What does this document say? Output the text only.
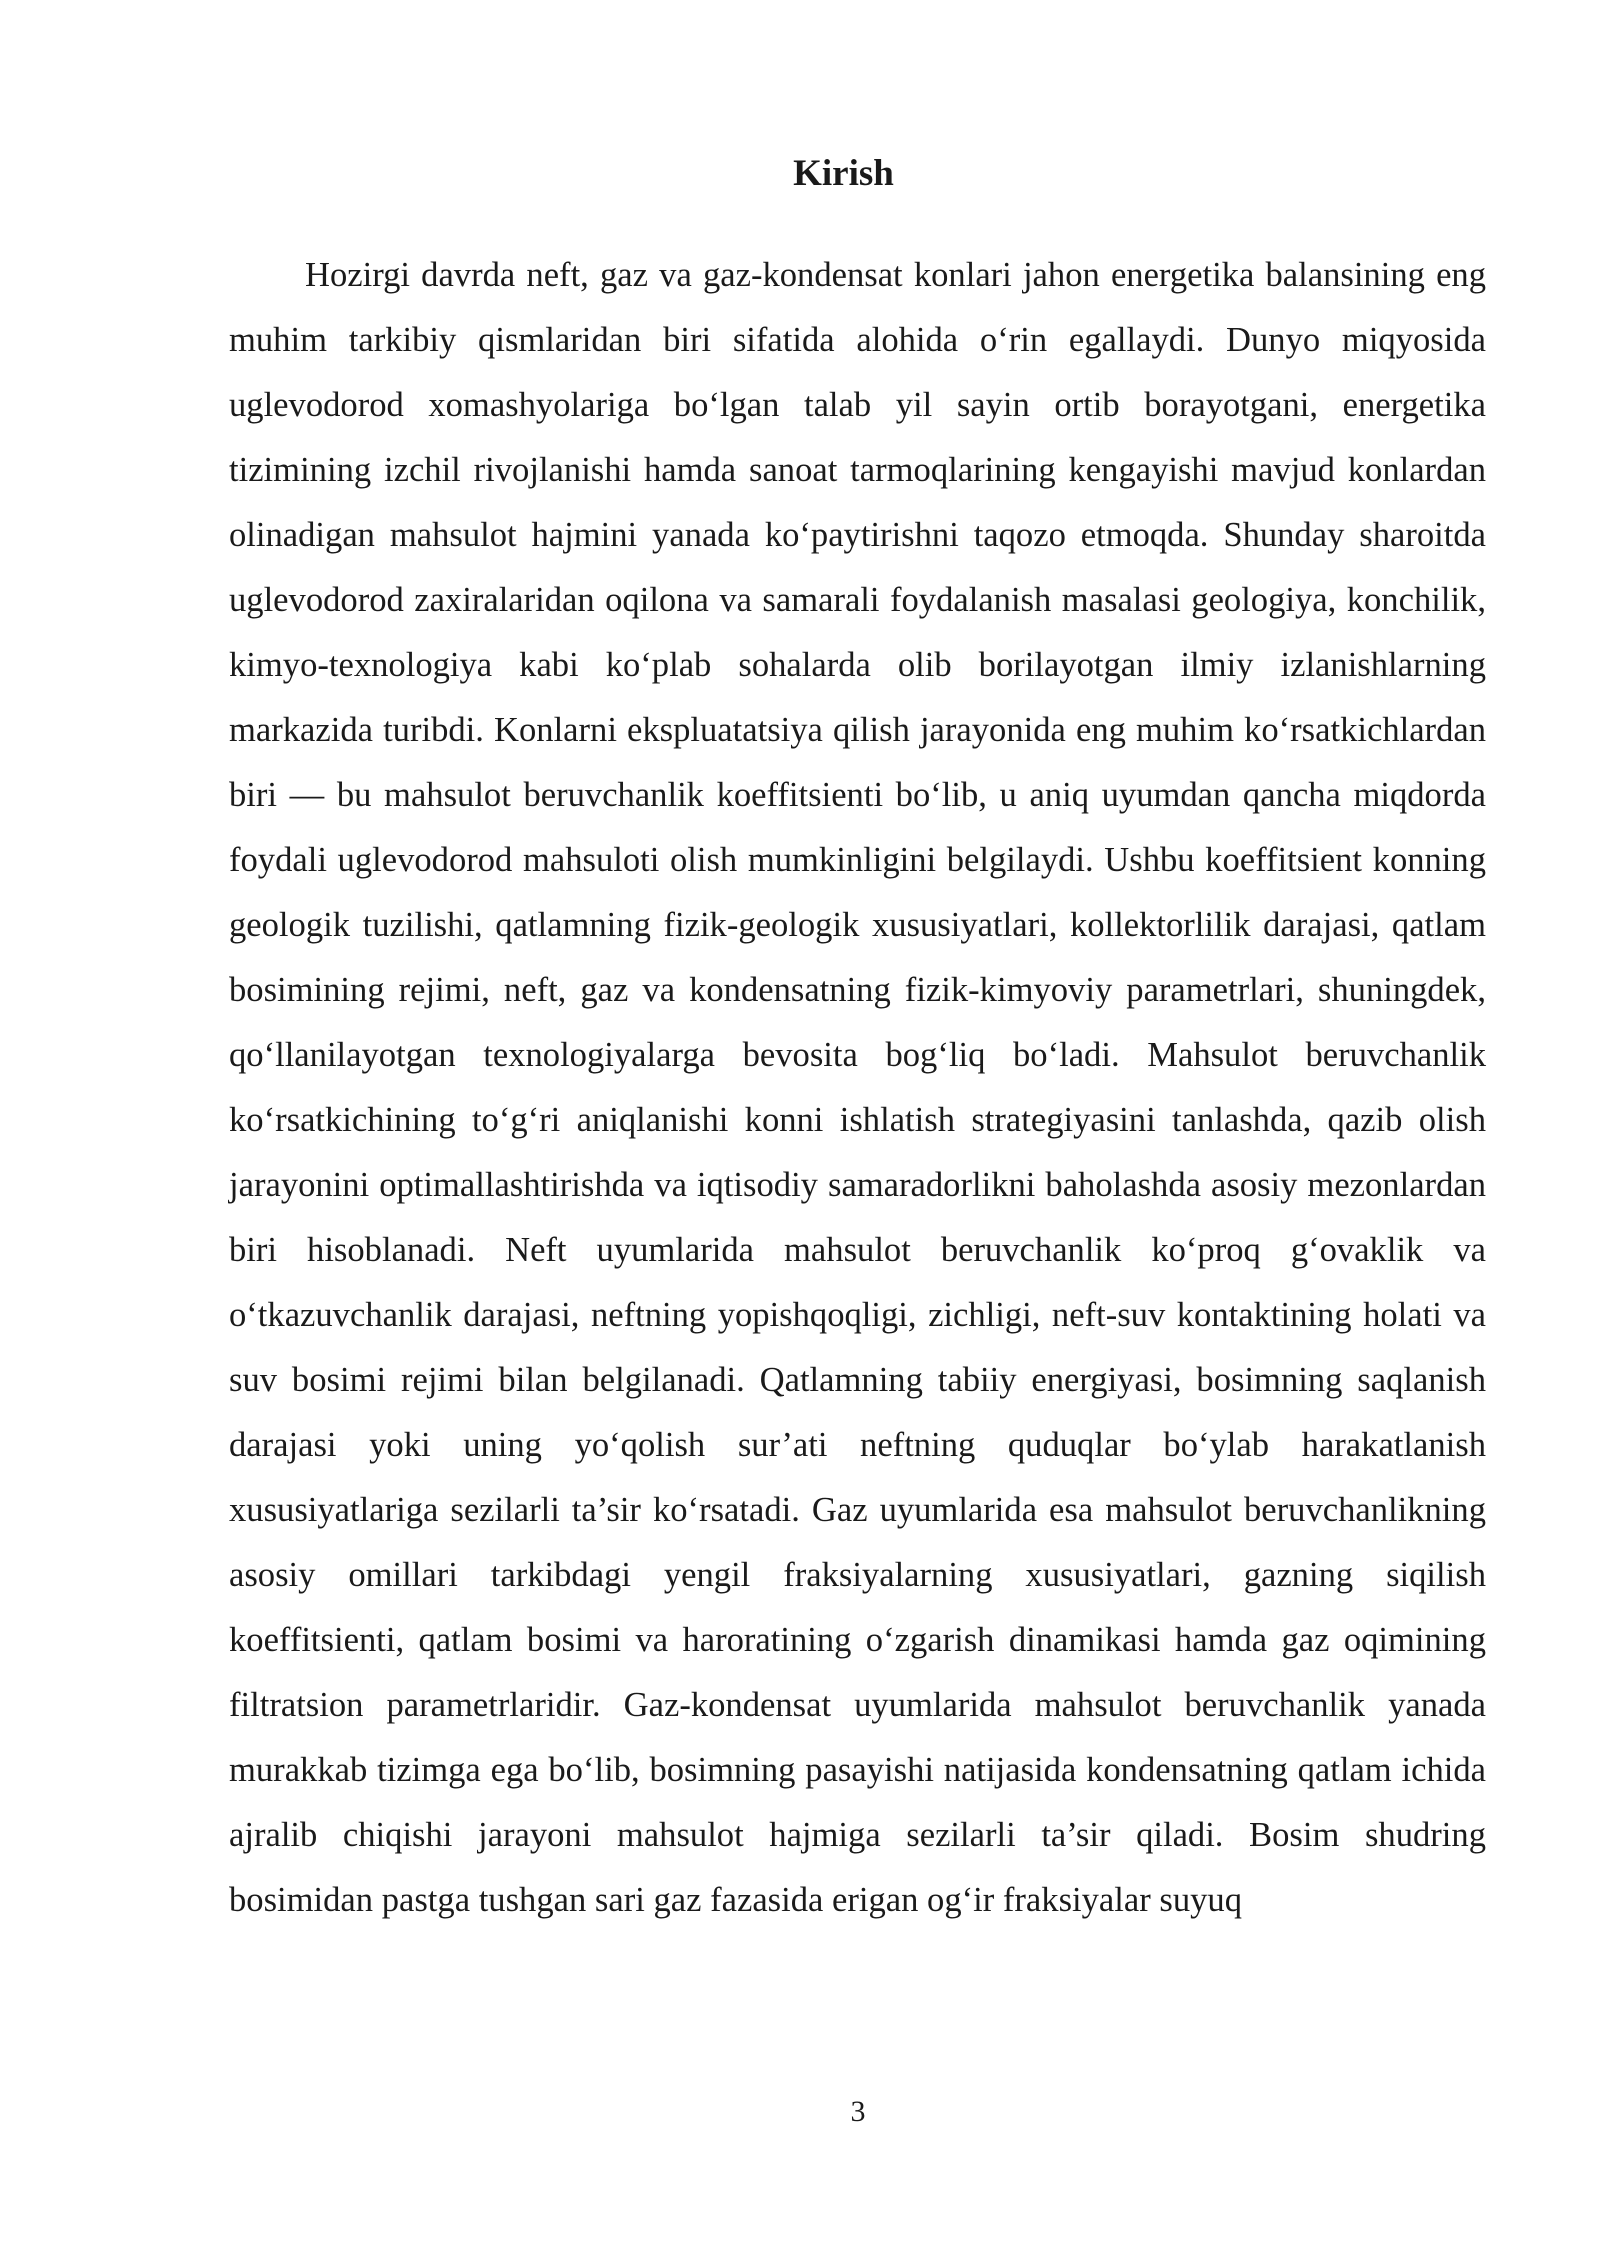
Kirish

Hozirgi davrda neft, gaz va gaz-kondensat konlari jahon energetika balansining eng muhim tarkibiy qismlaridan biri sifatida alohida o‘rin egallaydi. Dunyo miqyosida uglevodorod xomashyolariga bo‘lgan talab yil sayin ortib borayotgani, energetika tizimining izchil rivojlanishi hamda sanoat tarmoqlarining kengayishi mavjud konlardan olinadigan mahsulot hajmini yanada ko‘paytirishni taqozo etmoqda. Shunday sharoitda uglevodorod zaxiralaridan oqilona va samarali foydalanish masalasi geologiya, konchilik, kimyo-texnologiya kabi ko‘plab sohalarda olib borilayotgan ilmiy izlanishlarning markazida turibdi. Konlarni ekspluatatsiya qilish jarayonida eng muhim ko‘rsatkichlardan biri — bu mahsulot beruvchanlik koeffitsienti bo‘lib, u aniq uyumdan qancha miqdorda foydali uglevodorod mahsuloti olish mumkinligini belgilaydi. Ushbu koeffitsient konning geologik tuzilishi, qatlamning fizik-geologik xususiyatlari, kollektorlilik darajasi, qatlam bosimining rejimi, neft, gaz va kondensatning fizik-kimyoviy parametrlari, shuningdek, qo‘llanilayotgan texnologiyalarga bevosita bog‘liq bo‘ladi. Mahsulot beruvchanlik ko‘rsatkichining to‘g‘ri aniqlanishi konni ishlatish strategiyasini tanlashda, qazib olish jarayonini optimallashtirishda va iqtisodiy samaradorlikni baholashda asosiy mezonlardan biri hisoblanadi. Neft uyumlarida mahsulot beruvchanlik ko‘proq g‘ovaklik va o‘tkazuvchanlik darajasi, neftning yopishqoqligi, zichligi, neft-suv kontaktining holati va suv bosimi rejimi bilan belgilanadi. Qatlamning tabiiy energiyasi, bosimning saqlanish darajasi yoki uning yo‘qolish sur’ati neftning quduqlar bo‘ylab harakatlanish xususiyatlariga sezilarli ta’sir ko‘rsatadi. Gaz uyumlarida esa mahsulot beruvchanlikning asosiy omillari tarkibdagi yengil fraksiyalarning xususiyatlari, gazning siqilish koeffitsienti, qatlam bosimi va haroratining o‘zgarish dinamikasi hamda gaz oqimining filtratsion parametrlaridir. Gaz-kondensat uyumlarida mahsulot beruvchanlik yanada murakkab tizimga ega bo‘lib, bosimning pasayishi natijasida kondensatning qatlam ichida ajralib chiqishi jarayoni mahsulot hajmiga sezilarli ta’sir qiladi. Bosim shudring bosimidan pastga tushgan sari gaz fazasida erigan og‘ir fraksiyalar suyuq

3
